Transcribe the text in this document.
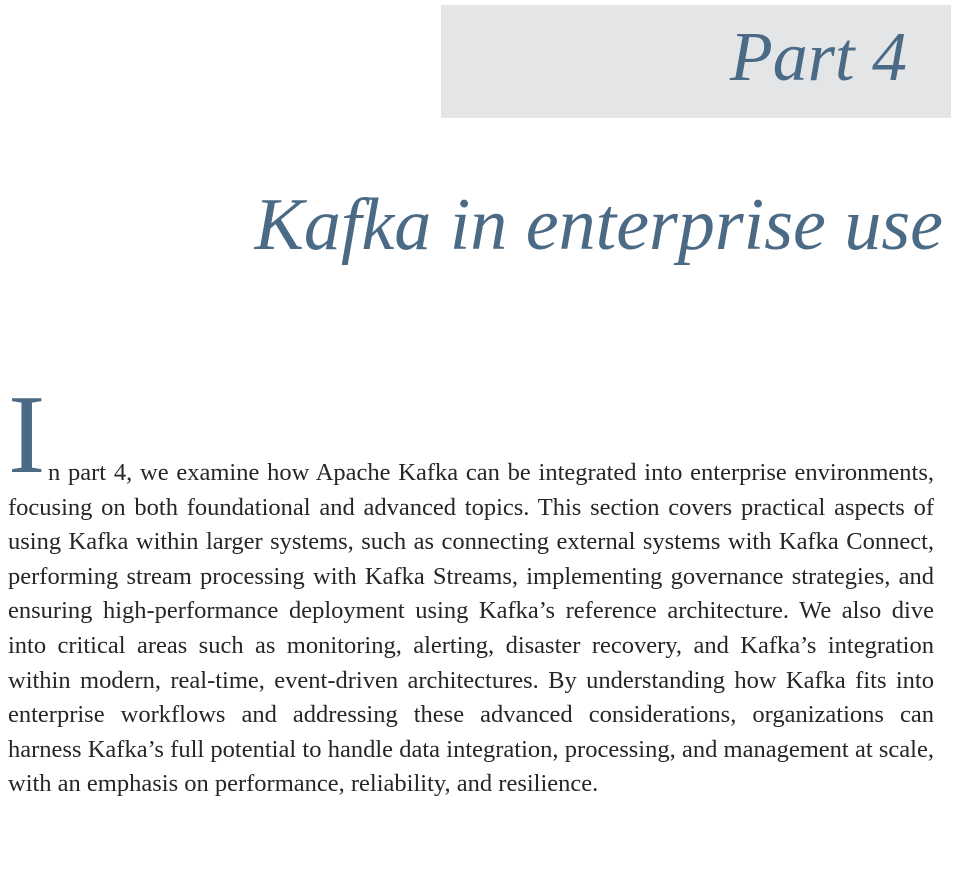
Part 4
Kafka in enterprise use
I n part 4, we examine how Apache Kafka can be integrated into enterprise environments, focusing on both foundational and advanced topics. This section covers practical aspects of using Kafka within larger systems, such as connecting external systems with Kafka Connect, performing stream processing with Kafka Streams, implementing governance strategies, and ensuring high-performance deployment using Kafka’s reference architecture. We also dive into critical areas such as monitoring, alerting, disaster recovery, and Kafka’s integration within modern, real-time, event-driven architectures. By understanding how Kafka fits into enterprise workflows and addressing these advanced considerations, organizations can harness Kafka’s full potential to handle data integration, processing, and management at scale, with an emphasis on performance, reliability, and resilience.
